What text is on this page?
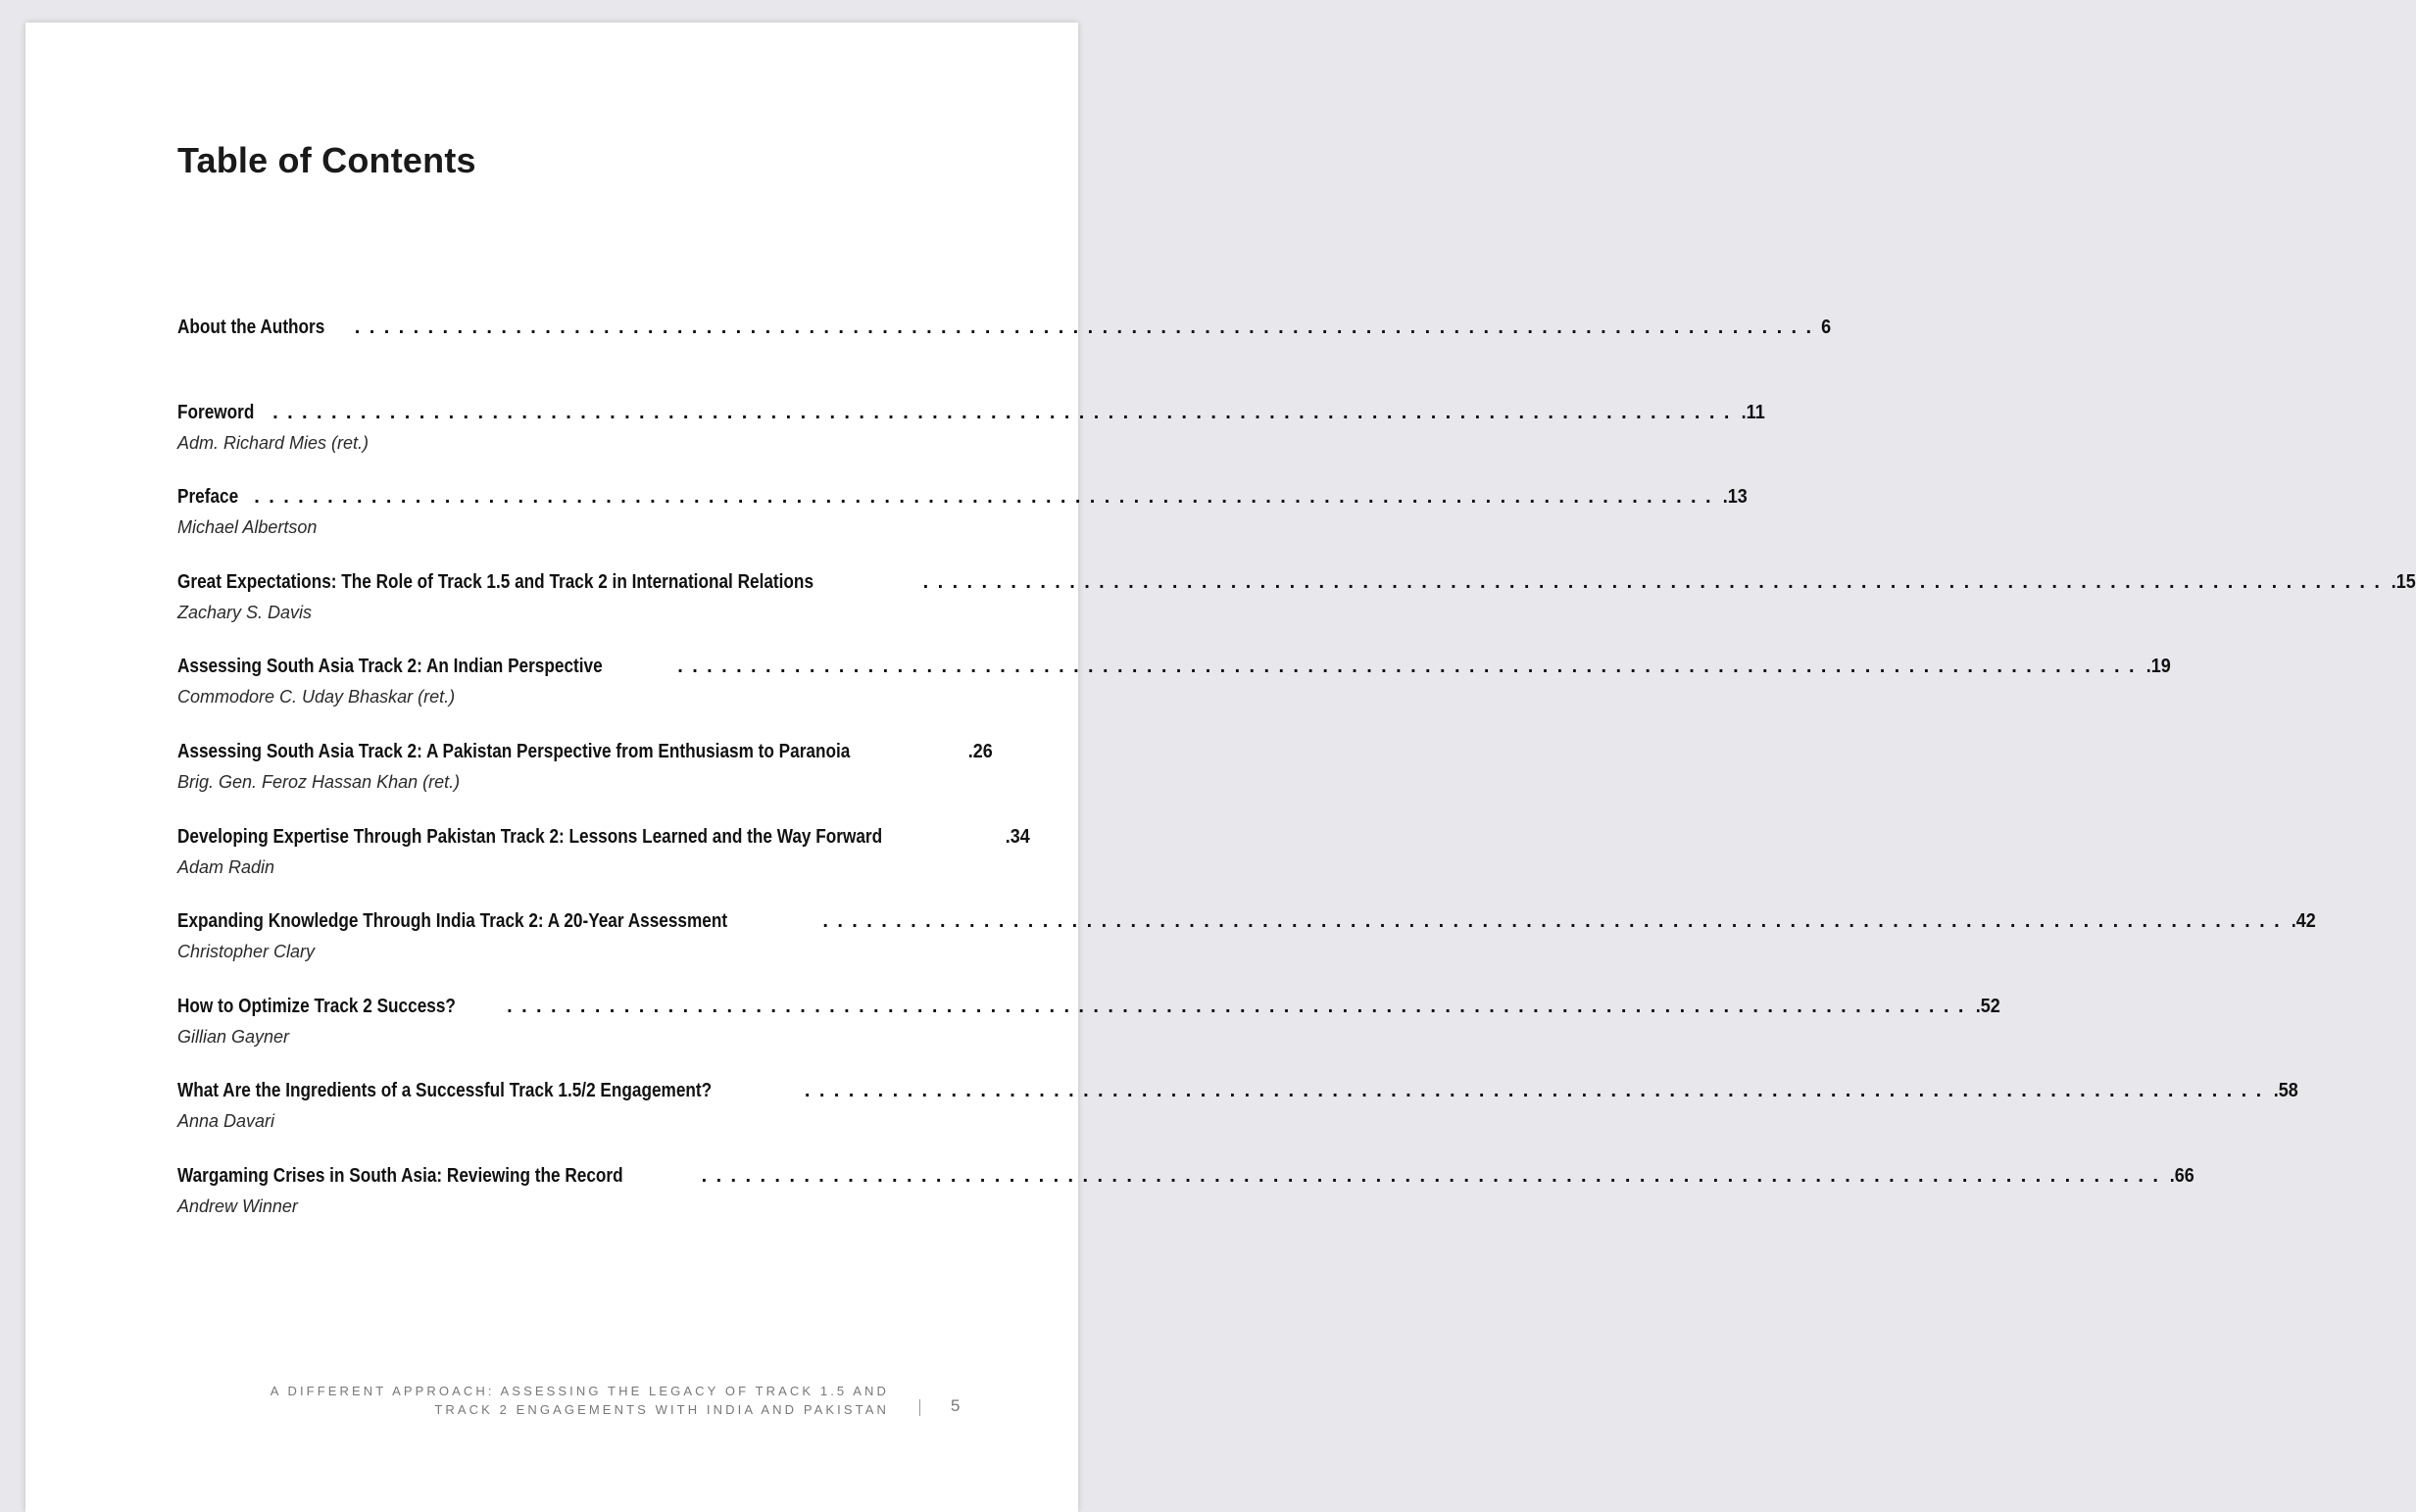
Table of Contents
About the Authors .................................................................................................... 6
Foreword .................................................................................................... .11
Adm. Richard Mies (ret.)
Preface .................................................................................................... .13
Michael Albertson
Great Expectations: The Role of Track 1.5 and Track 2 in International Relations	.................................................................................................... .15
Zachary S. Davis
Assessing South Asia Track 2: An Indian Perspective	.................................................................................................... .19
Commodore C. Uday Bhaskar (ret.)
Assessing South Asia Track 2: A Pakistan Perspective from Enthusiasm to Paranoia	.26
Brig. Gen. Feroz Hassan Khan (ret.)
Developing Expertise Through Pakistan Track 2: Lessons Learned and the Way Forward	.34
Adam Radin
Expanding Knowledge Through India Track 2: A 20-Year Assessment	.................................................................................................... .42
Christopher Clary
How to Optimize Track 2 Success?	.................................................................................................... .52
Gillian Gayner
What Are the Ingredients of a Successful Track 1.5/2 Engagement?	.................................................................................................... .58
Anna Davari
Wargaming Crises in South Asia: Reviewing the Record	.................................................................................................... .66
Andrew Winner
A DIFFERENT APPROACH: ASSESSING THE LEGACY OF TRACK 1.5 AND
TRACK 2 ENGAGEMENTS WITH INDIA AND PAKISTAN	5
